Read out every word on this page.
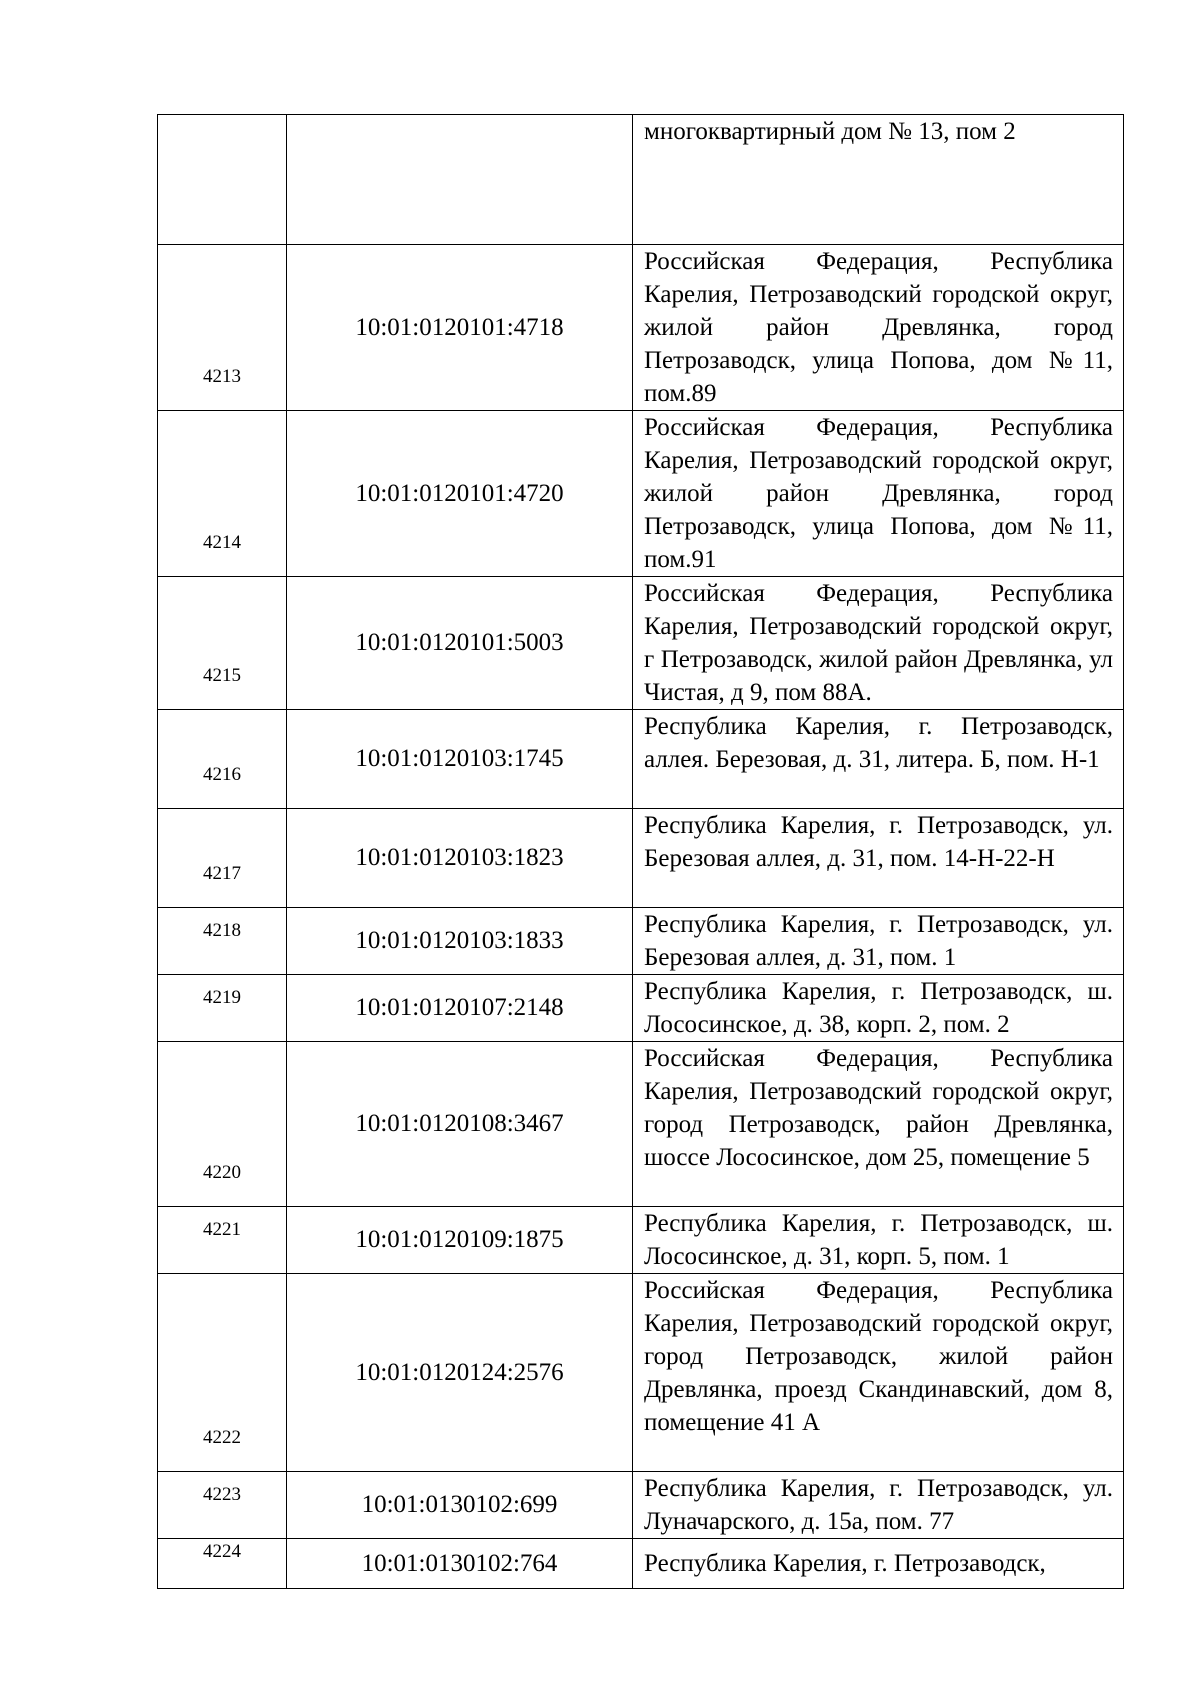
		многоквартирный дом № 13, пом 2
4213	10:01:0120101:4718	Российская Федерация, Республика Карелия, Петрозаводский городской округ, жилой район Древлянка, город Петрозаводск, улица Попова, дом №11, пом.89
4214	10:01:0120101:4720	Российская Федерация, Республика Карелия, Петрозаводский городской округ, жилой район Древлянка, город Петрозаводск, улица Попова, дом №11, пом.91
4215	10:01:0120101:5003	Российская Федерация, Республика Карелия, Петрозаводский городской округ, г Петрозаводск, жилой район Древлянка, ул Чистая, д 9, пом 88А.
4216	10:01:0120103:1745	Республика Карелия, г. Петрозаводск, аллея. Березовая, д. 31, литера. Б, пом. Н-1
4217	10:01:0120103:1823	Республика Карелия, г. Петрозаводск, ул. Березовая аллея, д. 31, пом. 14-Н-22-Н
4218	10:01:0120103:1833	Республика Карелия, г. Петрозаводск, ул. Березовая аллея, д. 31, пом. 1
4219	10:01:0120107:2148	Республика Карелия, г. Петрозаводск, ш. Лососинское, д. 38, корп. 2, пом. 2
4220	10:01:0120108:3467	Российская Федерация, Республика Карелия, Петрозаводский городской округ, город Петрозаводск, район Древлянка, шоссе Лососинское, дом 25, помещение 5
4221	10:01:0120109:1875	Республика Карелия, г. Петрозаводск, ш. Лососинское, д. 31, корп. 5, пом. 1
4222	10:01:0120124:2576	Российская Федерация, Республика Карелия, Петрозаводский городской округ, город Петрозаводск, жилой район Древлянка, проезд Скандинавский, дом 8, помещение 41 А
4223	10:01:0130102:699	Республика Карелия, г. Петрозаводск, ул. Луначарского, д. 15а, пом. 77
4224	10:01:0130102:764	Республика Карелия, г. Петрозаводск,
